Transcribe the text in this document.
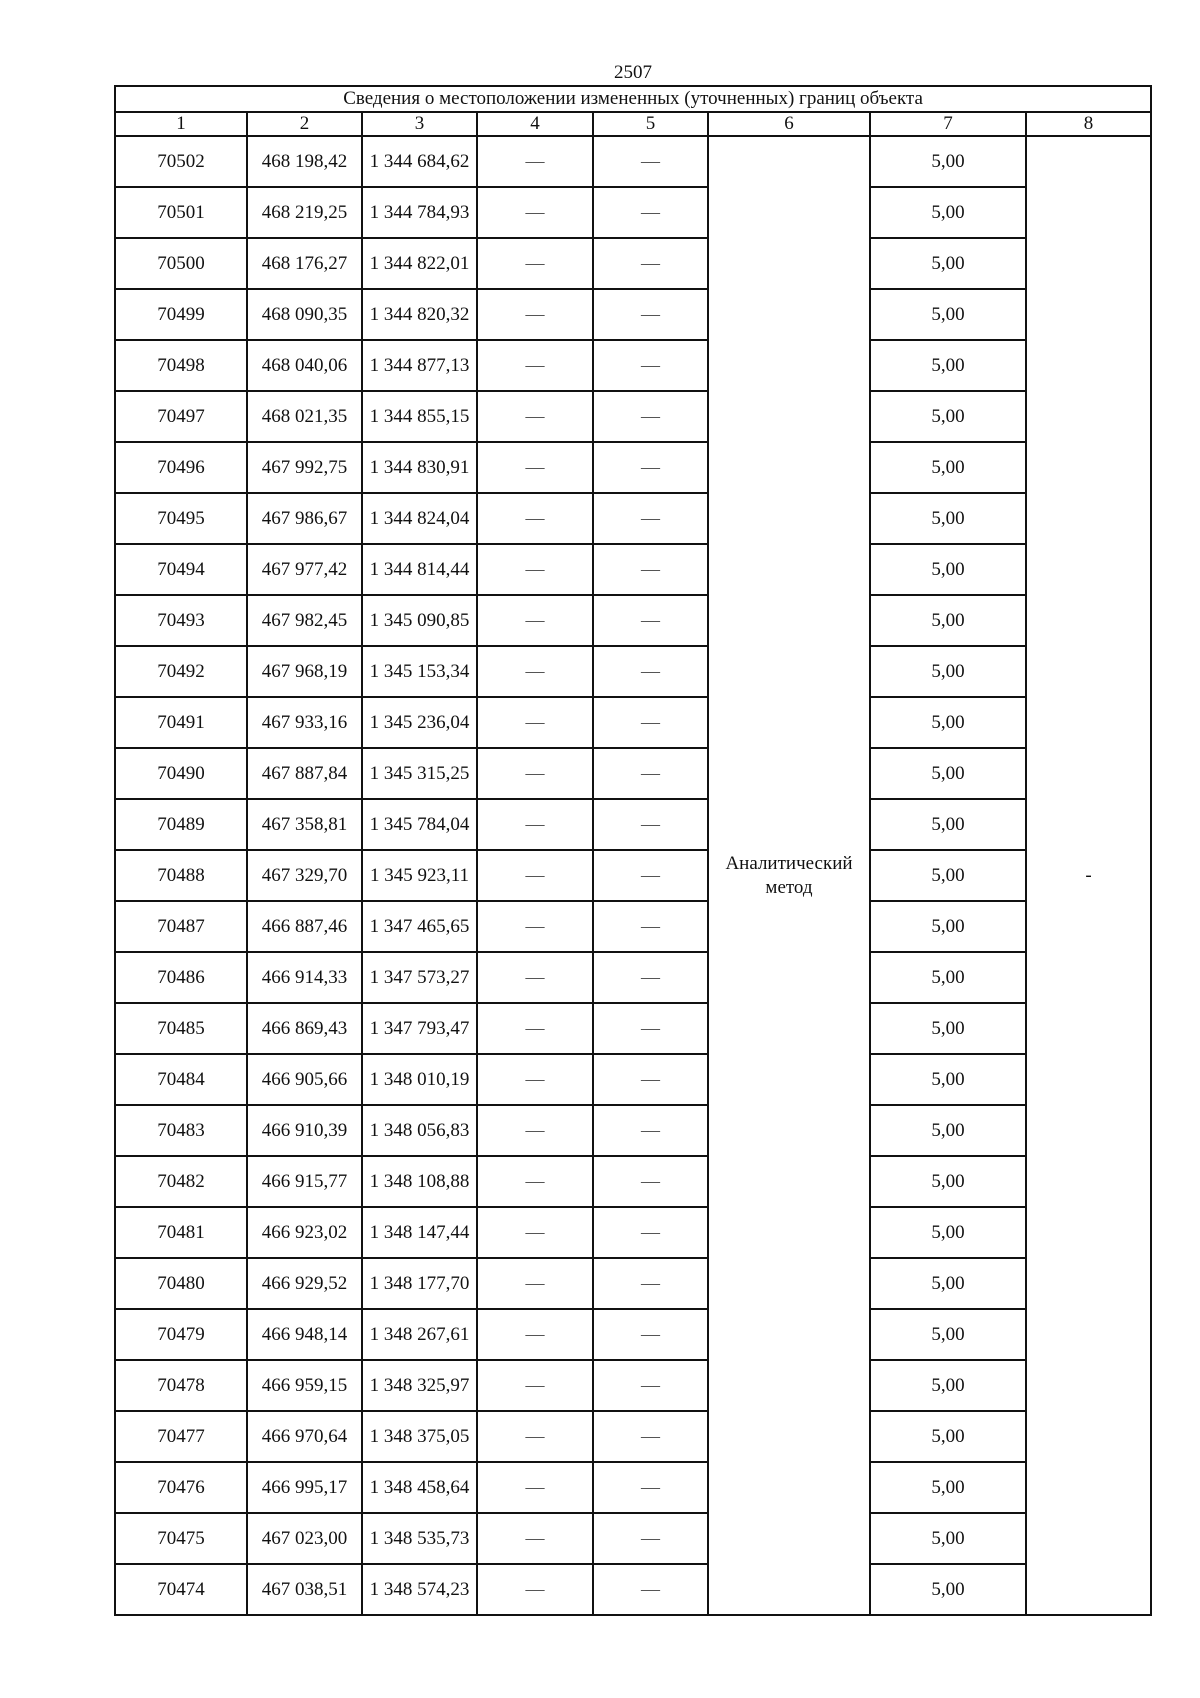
2507
Сведения о местоположении измененных (уточненных) границ объекта							
1	2	3	4	5	6	7	8
70502	468 198,42	1 344 684,62	—	—	Аналитический метод	5,00	-
70501	468 219,25	1 344 784,93	—	—		5,00	
70500	468 176,27	1 344 822,01	—	—		5,00	
70499	468 090,35	1 344 820,32	—	—		5,00	
70498	468 040,06	1 344 877,13	—	—		5,00	
70497	468 021,35	1 344 855,15	—	—		5,00	
70496	467 992,75	1 344 830,91	—	—		5,00	
70495	467 986,67	1 344 824,04	—	—		5,00	
70494	467 977,42	1 344 814,44	—	—		5,00	
70493	467 982,45	1 345 090,85	—	—		5,00	
70492	467 968,19	1 345 153,34	—	—		5,00	
70491	467 933,16	1 345 236,04	—	—		5,00	
70490	467 887,84	1 345 315,25	—	—		5,00	
70489	467 358,81	1 345 784,04	—	—		5,00	
70488	467 329,70	1 345 923,11	—	—		5,00	
70487	466 887,46	1 347 465,65	—	—		5,00	
70486	466 914,33	1 347 573,27	—	—		5,00	
70485	466 869,43	1 347 793,47	—	—		5,00	
70484	466 905,66	1 348 010,19	—	—		5,00	
70483	466 910,39	1 348 056,83	—	—		5,00	
70482	466 915,77	1 348 108,88	—	—		5,00	
70481	466 923,02	1 348 147,44	—	—		5,00	
70480	466 929,52	1 348 177,70	—	—		5,00	
70479	466 948,14	1 348 267,61	—	—		5,00	
70478	466 959,15	1 348 325,97	—	—		5,00	
70477	466 970,64	1 348 375,05	—	—		5,00	
70476	466 995,17	1 348 458,64	—	—		5,00	
70475	467 023,00	1 348 535,73	—	—		5,00	
70474	467 038,51	1 348 574,23	—	—		5,00	
